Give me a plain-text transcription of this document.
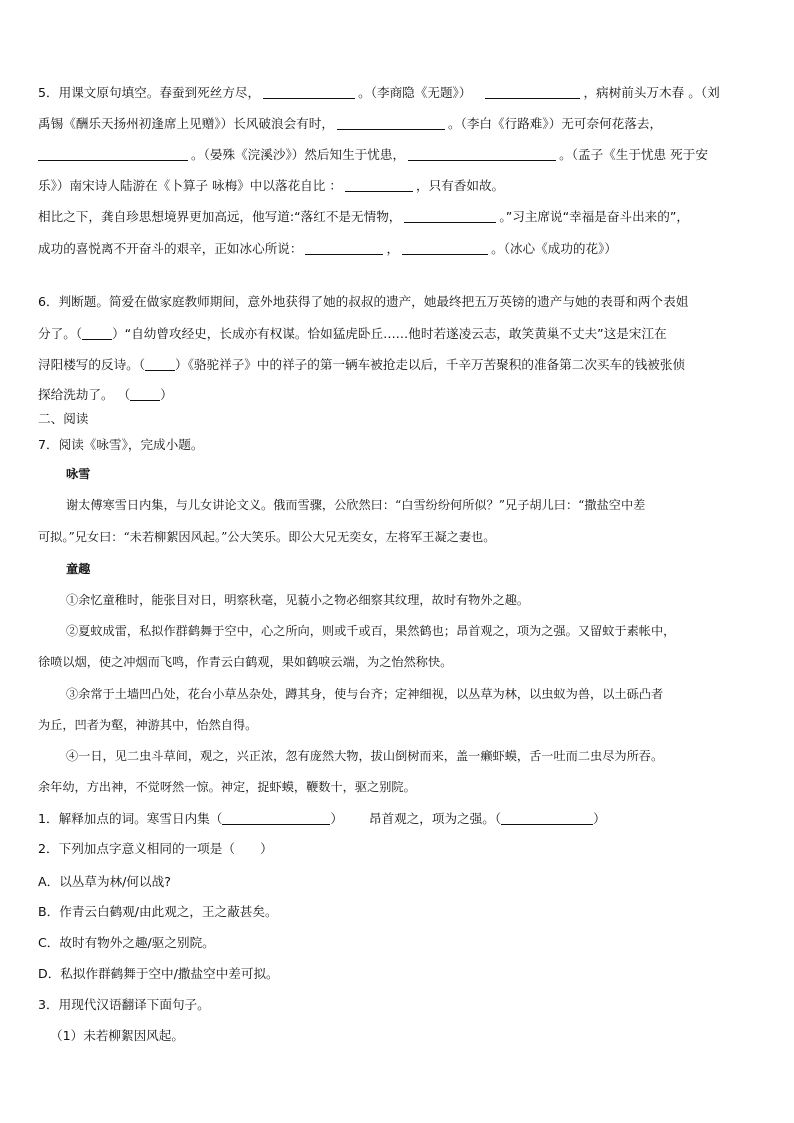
5．用课文原句填空。春蚕到死丝方尽，	。（李商隐《无题》）	，病树前头万木春 。（刘
禹锡《酬乐天扬州初逢席上见赠》）长风破浪会有时，	。（李白《行路难》）无可奈何花落去，
。（晏殊《浣溪沙》）然后知生于忧患，	。（孟子《生于忧患 死于安
乐》）南宋诗人陆游在《卜算子 咏梅》中以落花自比 ：	，只有香如故。
相比之下，龚自珍思想境界更加高远，他写道:“落红不是无情物，	。”习主席说“幸福是奋斗出来的”，
成功的喜悦离不开奋斗的艰辛，正如冰心所说：	，	。（冰心《成功的花》）
6．判断题。简爱在做家庭教师期间，意外地获得了她的叔叔的遗产，她最终把五万英镑的遗产与她的表哥和两个表姐
分了。（ ）“自幼曾攻经史，长成亦有权谋。恰如猛虎卧丘……他时若遂凌云志，敢笑黄巢不丈夫”这是宋江在
浔阳楼写的反诗。（ ）《骆驼祥子》中的祥子的第一辆车被抢走以后，千辛万苦聚积的准备第二次买车的钱被张侦
探给洗劫了。 （ ）
二、阅读
7．阅读《咏雪》，完成小题。
咏雪
谢太傅寒雪日内集，与儿女讲论文义。俄而雪骤，公欣然曰：“白雪纷纷何所似？”兄子胡儿曰：“撒盐空中差
可拟。”兄女曰：“未若柳絮因风起。”公大笑乐。即公大兄无奕女，左将军王凝之妻也。
童趣
①余忆童稚时，能张目对日，明察秋毫，见藐小之物必细察其纹理，故时有物外之趣。
②夏蚊成雷，私拟作群鹤舞于空中，心之所向，则或千或百，果然鹤也；昂首观之，项为之强。又留蚊于素帐中，
徐喷以烟，使之冲烟而飞鸣，作青云白鹤观，果如鹤唳云端，为之怡然称快。
③余常于土墙凹凸处，花台小草丛杂处，蹲其身，使与台齐；定神细视，以丛草为林，以虫蚁为兽，以土砾凸者
为丘，凹者为壑，神游其中，怡然自得。
④一日，见二虫斗草间，观之，兴正浓，忽有庞然大物，拔山倒树而来，盖一癞虾蟆，舌一吐而二虫尽为所吞。
余年幼，方出神，不觉呀然一惊。神定，捉虾蟆，鞭数十，驱之别院。
1．解释加点的词。寒雪日内集（	） 昂首观之，项为之强。（	）
2．下列加点字意义相同的一项是（　　）
A．以丛草为林/何以战?
B．作青云白鹤观/由此观之，王之蔽甚矣。
C．故时有物外之趣/驱之别院。
D．私拟作群鹤舞于空中/撒盐空中差可拟。
3．用现代汉语翻译下面句子。
（1）未若柳絮因风起。
